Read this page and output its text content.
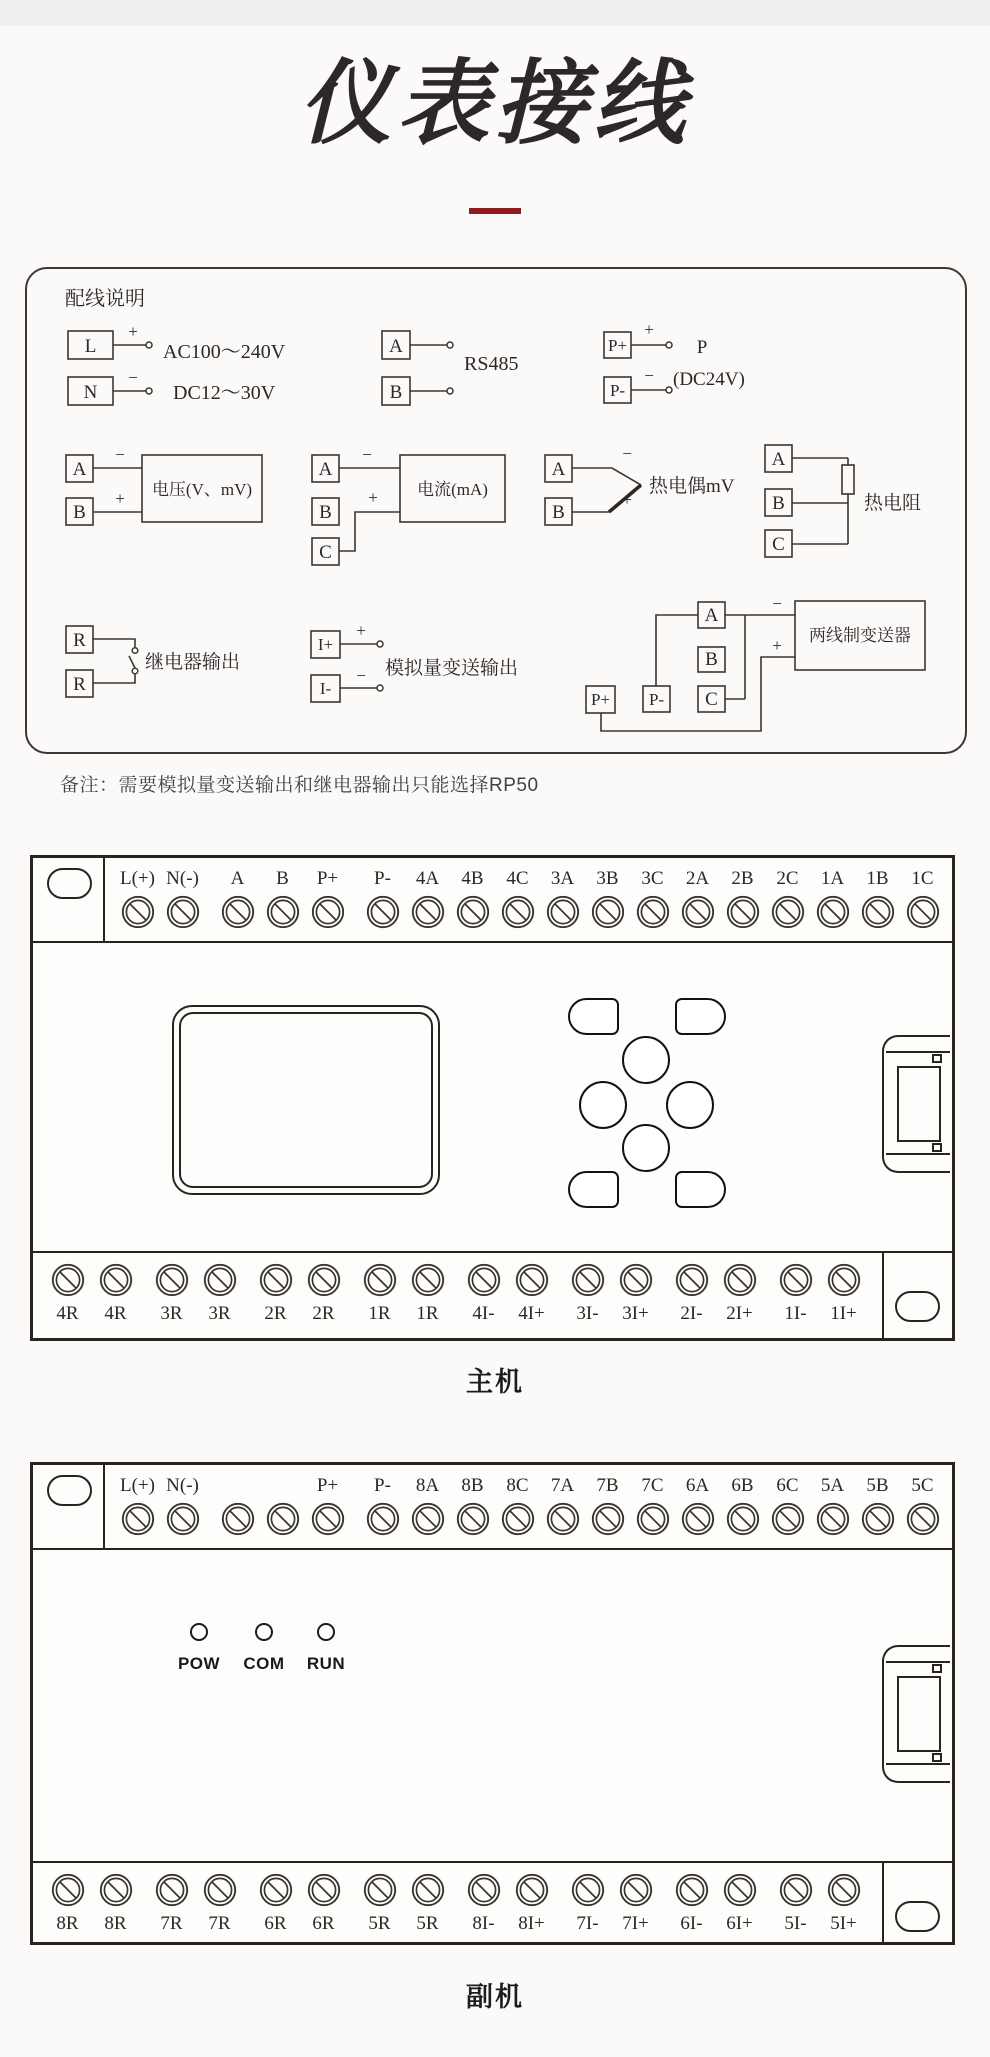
仪表接线
配线说明
L
N
+
−
AC100～240V
DC12～30V
A
B
RS485
P+
P-
+
−
P
(DC24V)
A
B
−
+ 电压(V、mV)
A
B
C
−
+ 电流(mA)
A
B
−
+
热电偶mV
A
B
C
热电阻
R
R
继电器输出
I+
I-
+
− 模拟量变送输出
A
B
C
P+ P-
−
+
两线制变送器
备注：需要模拟量变送输出和继电器输出只能选择RP50
L(+) N(-) A B P+ P- 4A 4B 4C 3A 3B 3C 2A 2B 2C 1A 1B 1C
4R 4R 3R 3R 2R 2R 1R 1R 4I- 4I+ 3I- 3I+ 2I- 2I+ 1I- 1I+
主机
L(+) N(-)	P+ P- 8A 8B 8C 7A 7B 7C 6A 6B 6C 5A 5B 5C
POW COM RUN
8R 8R 7R 7R 6R 6R 5R 5R 8I- 8I+ 7I- 7I+ 6I- 6I+ 5I- 5I+
副机
